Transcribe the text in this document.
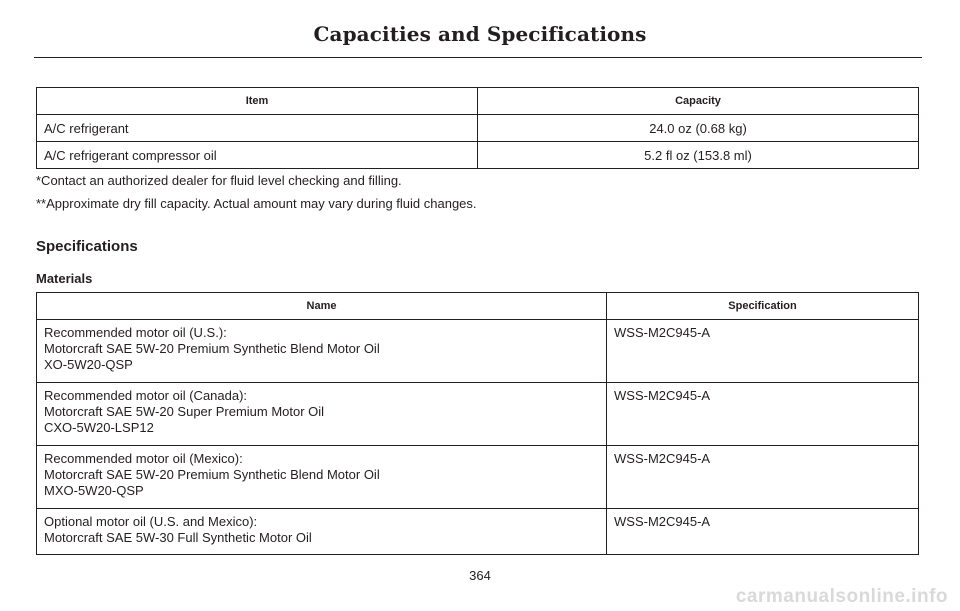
Capacities and Specifications
Item	Capacity
A/C refrigerant	24.0 oz (0.68 kg)
A/C refrigerant compressor oil	5.2 fl oz (153.8 ml)
*Contact an authorized dealer for fluid level checking and filling.
**Approximate dry fill capacity. Actual amount may vary during fluid changes.
Specifications
Materials
Name	Specification

Recommended motor oil (U.S.):
Motorcraft SAE 5W-20 Premium Synthetic Blend Motor Oil
XO-5W20-QSP	WSS-M2C945-A

Recommended motor oil (Canada):
Motorcraft SAE 5W-20 Super Premium Motor Oil
CXO-5W20-LSP12	WSS-M2C945-A

Recommended motor oil (Mexico):
Motorcraft SAE 5W-20 Premium Synthetic Blend Motor Oil
MXO-5W20-QSP	WSS-M2C945-A

Optional motor oil (U.S. and Mexico):
Motorcraft SAE 5W-30 Full Synthetic Motor Oil	WSS-M2C945-A
364
carmanualsonline.info
